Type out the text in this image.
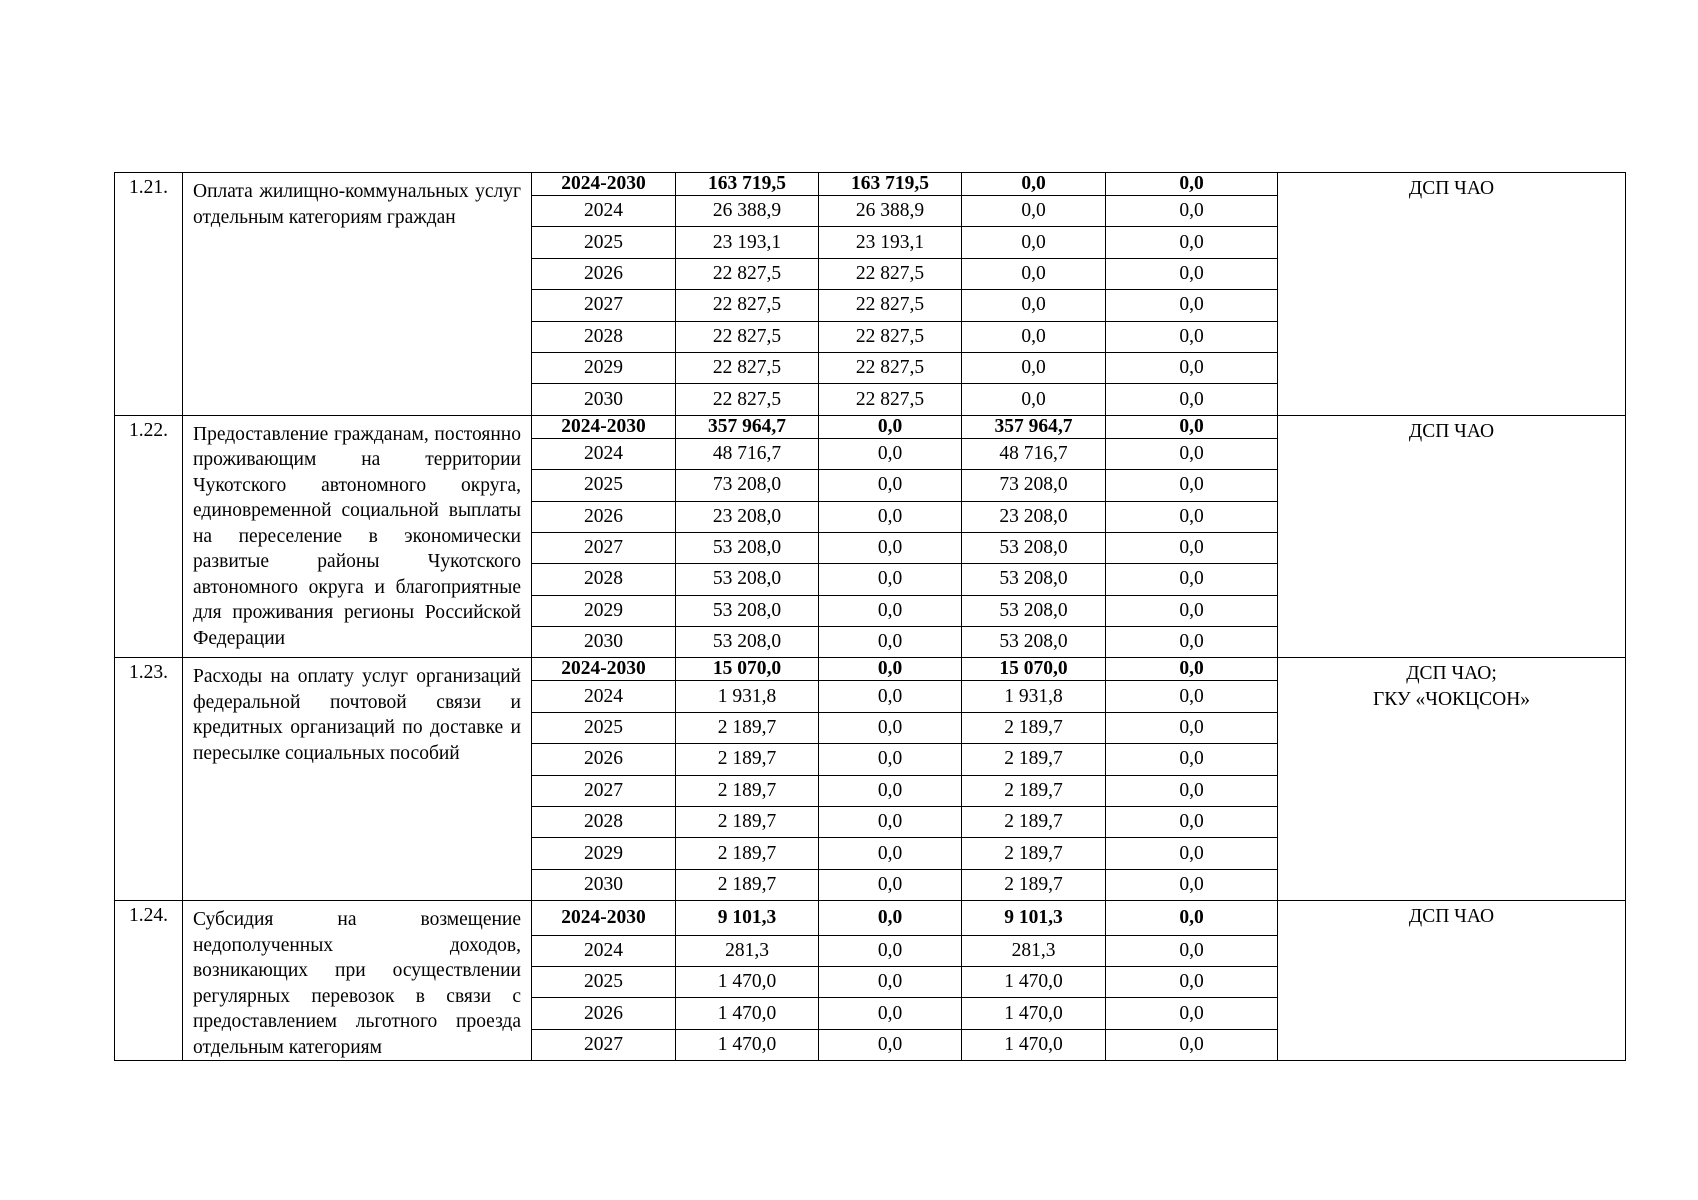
1.21.	Оплата жилищно-коммунальных услуг отдельным категориям граждан	2024-2030	163 719,5	163 719,5	0,0	0,0	ДСП ЧАО
		2024	26 388,9	26 388,9	0,0	0,0	
		2025	23 193,1	23 193,1	0,0	0,0	
		2026	22 827,5	22 827,5	0,0	0,0	
		2027	22 827,5	22 827,5	0,0	0,0	
		2028	22 827,5	22 827,5	0,0	0,0	
		2029	22 827,5	22 827,5	0,0	0,0	
		2030	22 827,5	22 827,5	0,0	0,0	
1.22.	Предоставление гражданам, постоянно проживающим на территории Чукотского автономного округа, единовременной социальной выплаты на переселение в экономически развитые районы Чукотского автономного округа и благоприятные для проживания регионы Российской Федерации	2024-2030	357 964,7	0,0	357 964,7	0,0	ДСП ЧАО
		2024	48 716,7	0,0	48 716,7	0,0	
		2025	73 208,0	0,0	73 208,0	0,0	
		2026	23 208,0	0,0	23 208,0	0,0	
		2027	53 208,0	0,0	53 208,0	0,0	
		2028	53 208,0	0,0	53 208,0	0,0	
		2029	53 208,0	0,0	53 208,0	0,0	
		2030	53 208,0	0,0	53 208,0	0,0	
1.23.	Расходы на оплату услуг организаций федеральной почтовой связи и кредитных организаций по доставке и пересылке социальных пособий	2024-2030	15 070,0	0,0	15 070,0	0,0	ДСП ЧАО;
ГКУ «ЧОКЦСОН»
		2024	1 931,8	0,0	1 931,8	0,0	
		2025	2 189,7	0,0	2 189,7	0,0	
		2026	2 189,7	0,0	2 189,7	0,0	
		2027	2 189,7	0,0	2 189,7	0,0	
		2028	2 189,7	0,0	2 189,7	0,0	
		2029	2 189,7	0,0	2 189,7	0,0	
		2030	2 189,7	0,0	2 189,7	0,0	
1.24.	Субсидия на возмещение недополученных доходов, возникающих при осуществлении регулярных перевозок в связи с предоставлением льготного проезда отдельным категориям	2024-2030	9 101,3	0,0	9 101,3	0,0	ДСП ЧАО
		2024	281,3	0,0	281,3	0,0	
		2025	1 470,0	0,0	1 470,0	0,0	
		2026	1 470,0	0,0	1 470,0	0,0	
		2027	1 470,0	0,0	1 470,0	0,0	
